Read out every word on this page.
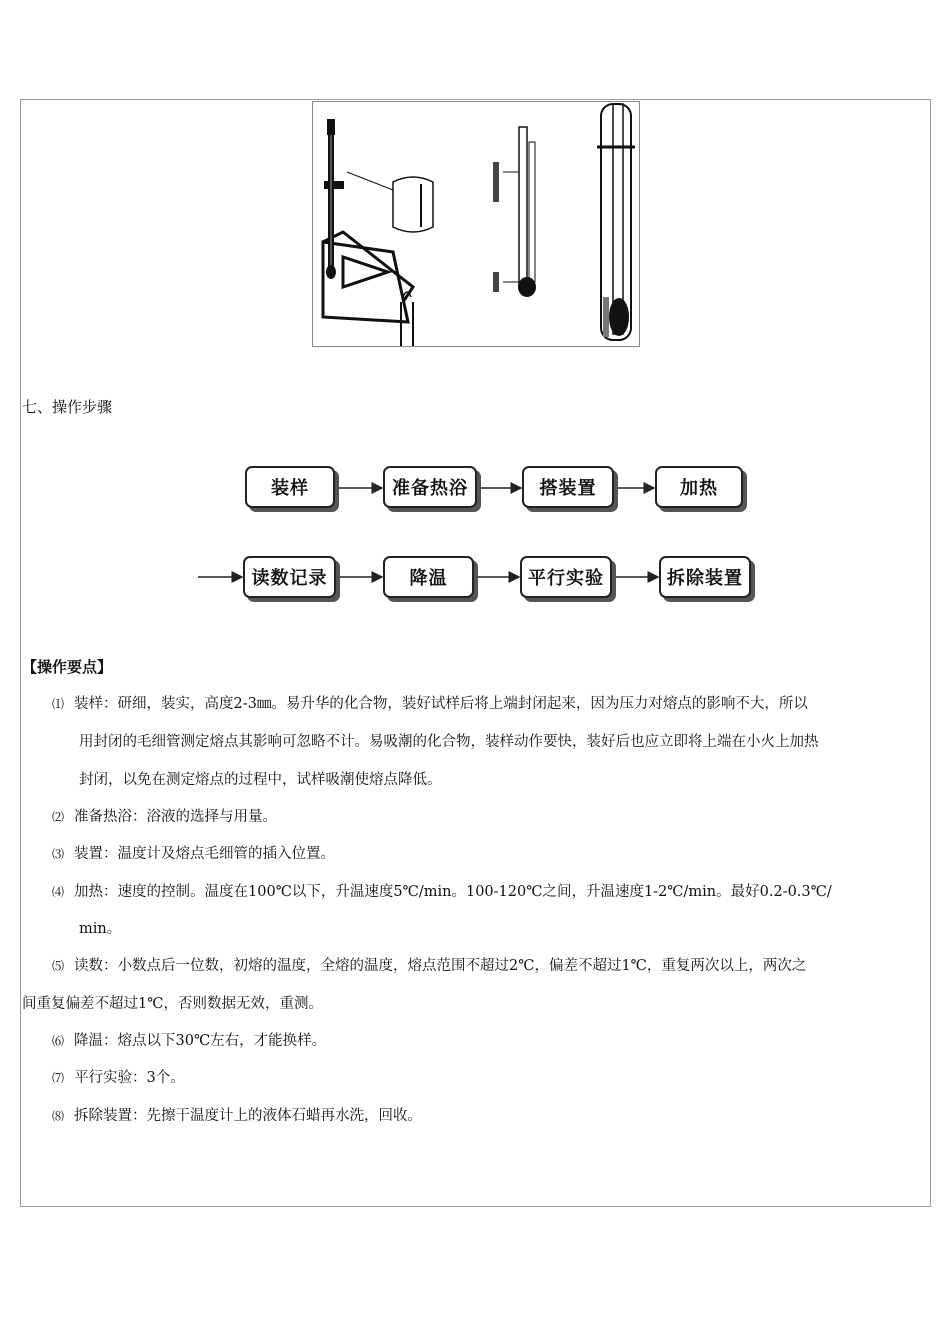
七、操作步骤
装样	准备热浴	搭装置	加热
读数记录	降温	平行实验	拆除装置
【操作要点】
⑴ 装样：研细，装实，高度2-3㎜。易升华的化合物，装好试样后将上端封闭起来，因为压力对熔点的影响不大，所以
用封闭的毛细管测定熔点其影响可忽略不计。易吸潮的化合物，装样动作要快，装好后也应立即将上端在小火上加热
封闭，以免在测定熔点的过程中，试样吸潮使熔点降低。
⑵ 准备热浴：浴液的选择与用量。
⑶ 装置：温度计及熔点毛细管的插入位置。
⑷ 加热：速度的控制。温度在100℃以下，升温速度5℃/min。100-120℃之间，升温速度1-2℃/min。最好0.2-0.3℃/
min。
⑸ 读数：小数点后一位数，初熔的温度，全熔的温度，熔点范围不超过2℃，偏差不超过1℃，重复两次以上，两次之
间重复偏差不超过1℃，否则数据无效，重测。
⑹ 降温：熔点以下30℃左右，才能换样。
⑺ 平行实验：3个。
⑻ 拆除装置：先擦干温度计上的液体石蜡再水洗，回收。
